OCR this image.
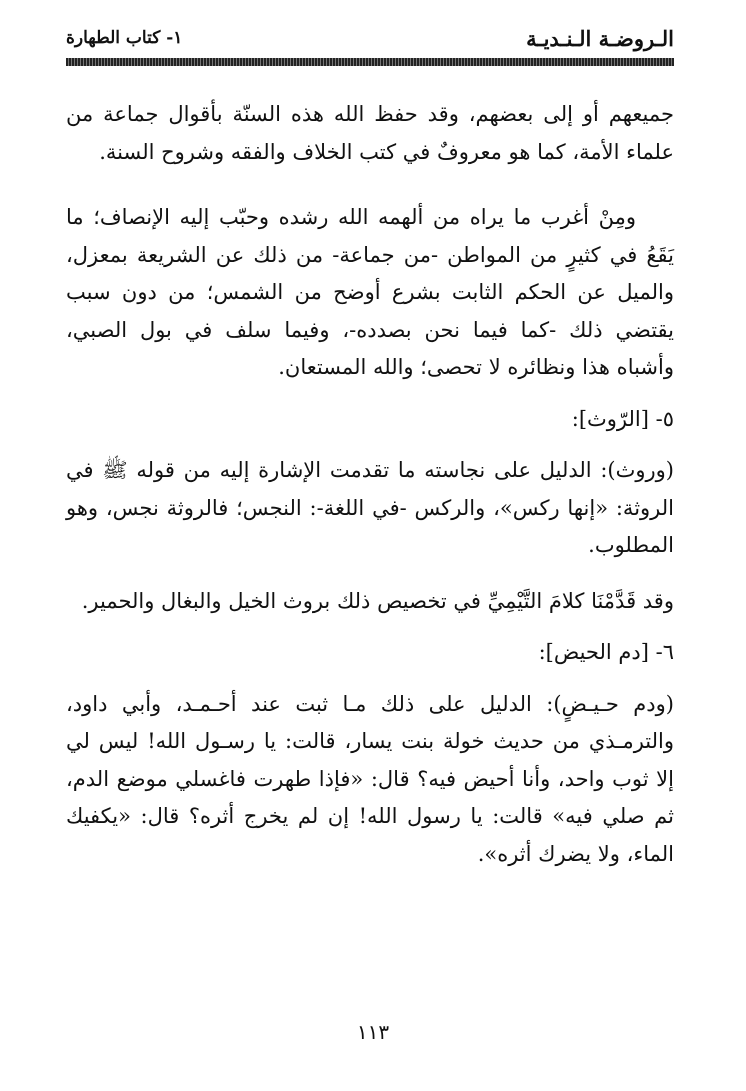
الـروضـة الـنـديـة
١- كتاب الطهارة

جميعهم أو إلى بعضهم، وقد حفظ الله هذه السنّة بأقوال جماعة من علماء الأمة، كما هو معروفٌ في كتب الخلاف والفقه وشروح السنة.

ومِنْ أغرب ما يراه من ألهمه الله رشده وحبّب إليه الإنصاف؛ ما يَقَعُ في كثيرٍ من المواطن -من جماعة- من ذلك عن الشريعة بمعزل، والميل عن الحكم الثابت بشرع أوضح من الشمس؛ من دون سبب يقتضي ذلك -كما فيما نحن بصدده-، وفيما سلف في بول الصبي، وأشباه هذا ونظائره لا تحصى؛ والله المستعان.

٥- [الرّوث]:

(وروث): الدليل على نجاسته ما تقدمت الإشارة إليه من قوله ﷺ في الروثة: «إنها ركس»، والركس -في اللغة-: النجس؛ فالروثة نجس، وهو المطلوب.

وقد قَدَّمْنَا كلامَ التَّيْمِيِّ في تخصيص ذلك بروث الخيل والبغال والحمير.

٦- [دم الحيض]:

(ودم حـيـضٍ): الدليل على ذلك مـا ثبت عند أحـمـد، وأبي داود، والترمـذي من حديث خولة بنت يسار، قالت: يا رسـول الله! ليس لي إلا ثوب واحد، وأنا أحيض فيه؟ قال: «فإذا طهرت فاغسلي موضع الدم، ثم صلي فيه» قالت: يا رسول الله! إن لم يخرج أثره؟ قال: «يكفيك الماء، ولا يضرك أثره».

١١٣
